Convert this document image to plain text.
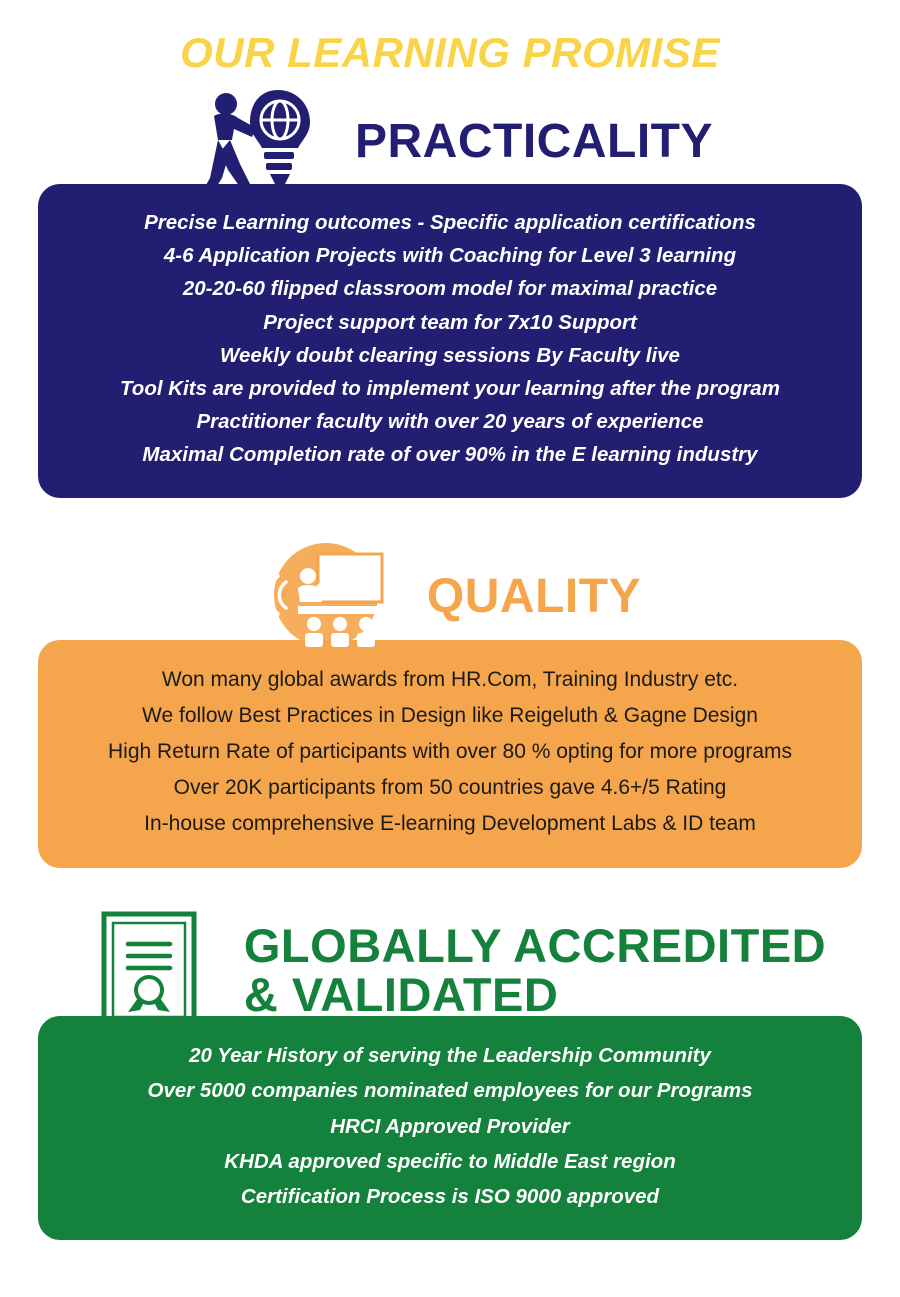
OUR LEARNING PROMISE
PRACTICALITY
Precise Learning outcomes - Specific application certifications
4-6 Application Projects with Coaching for Level 3 learning
20-20-60 flipped classroom model for maximal practice
Project support team for 7x10 Support
Weekly doubt clearing sessions By Faculty live
Tool Kits are provided to implement your learning after the program
Practitioner faculty with over 20 years of experience
Maximal Completion rate of over 90% in the E learning industry
QUALITY
Won many global awards from HR.Com, Training Industry etc.
We follow Best Practices in Design like Reigeluth & Gagne Design
High Return Rate of participants with over 80 % opting for more programs
Over 20K participants from 50 countries gave 4.6+/5 Rating
In-house comprehensive E-learning Development Labs & ID team
GLOBALLY ACCREDITED
& VALIDATED
20 Year History of serving the Leadership Community
Over 5000 companies nominated employees for our Programs
HRCI Approved Provider
KHDA approved specific to Middle East region
Certification Process is ISO 9000 approved
